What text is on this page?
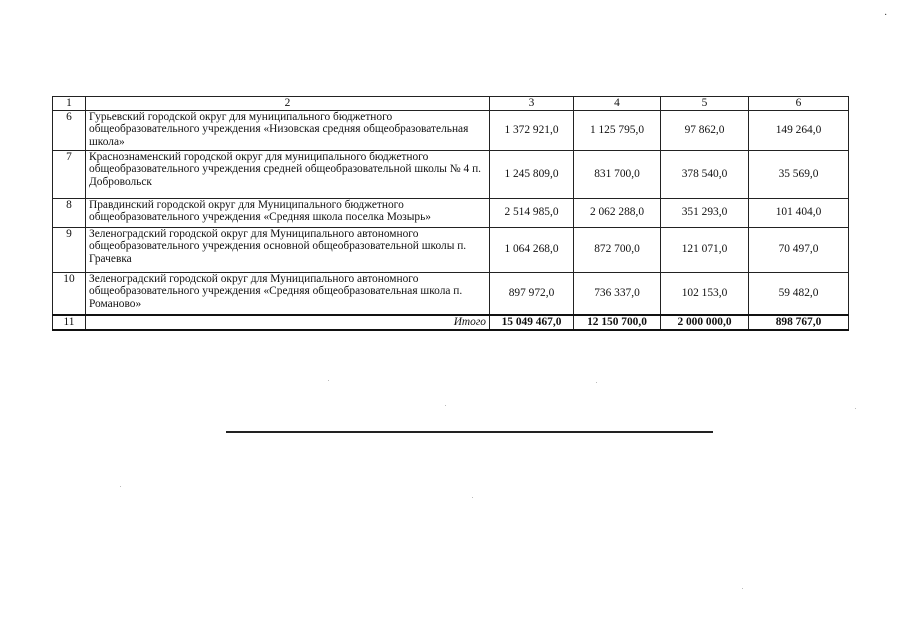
·
1	2	3	4	5	6
6	Гурьевский городской округ для муниципального бюджетного общеобразовательного учреждения «Низовская средняя общеобразовательная школа»	1 372 921,0	1 125 795,0	97 862,0	149 264,0
7	Краснознаменский городской округ для муниципального бюджетного общеобразовательного учреждения средней общеобразовательной школы № 4 п. Добровольск	1 245 809,0	831 700,0	378 540,0	35 569,0
8	Правдинский городской округ для Муниципального бюджетного общеобразовательного учреждения «Средняя школа поселка Мозырь»	2 514 985,0	2 062 288,0	351 293,0	101 404,0
9	Зеленоградский городской округ для Муниципального автономного общеобразовательного учреждения основной общеобразовательной школы п. Грачевка	1 064 268,0	872 700,0	121 071,0	70 497,0
10	Зеленоградский городской округ для Муниципального автономного общеобразовательного учреждения «Средняя общеобразовательная школа п. Романово»	897 972,0	736 337,0	102 153,0	59 482,0
11	Итого	15 049 467,0	12 150 700,0	2 000 000,0	898 767,0
